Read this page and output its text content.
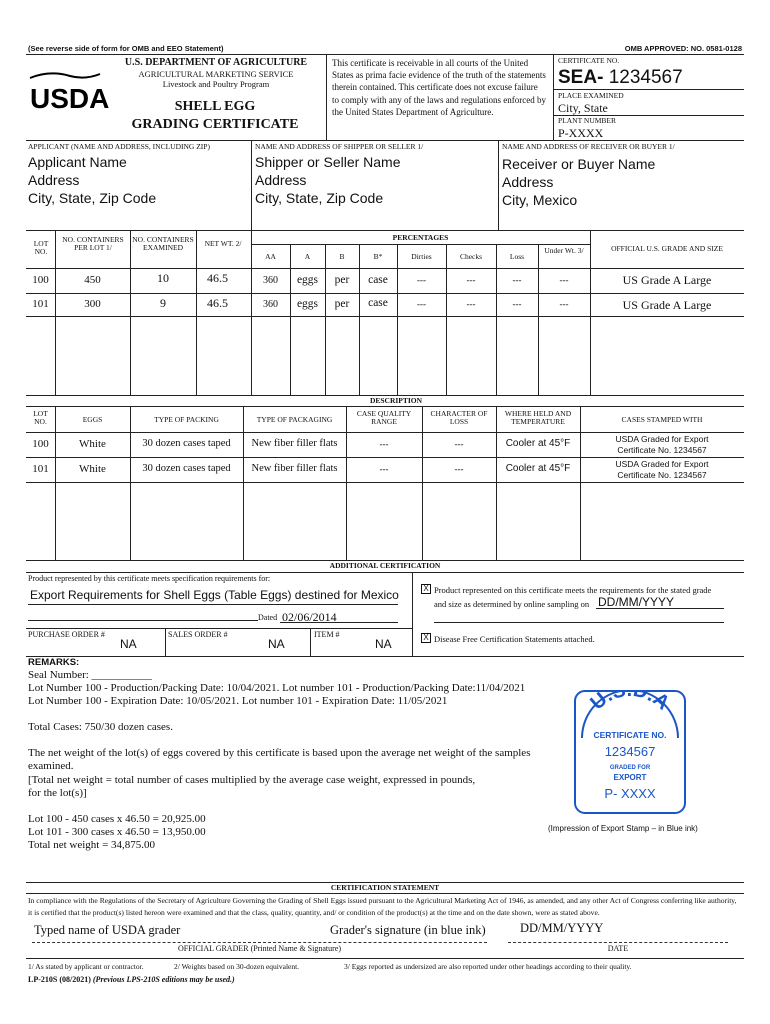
(See reverse side of form for OMB and EEO Statement)	OMB APPROVED: NO. 0581-0128
USDA
U.S. DEPARTMENT OF AGRICULTURE
AGRICULTURAL MARKETING SERVICE
Livestock and Poultry Program
SHELL EGG
GRADING CERTIFICATE
This certificate is receivable in all courts of the United States as prima facie evidence of the truth of the statements therein contained. This certificate does not excuse failure to comply with any of the laws and regulations enforced by the United States Department of Agriculture.
CERTIFICATE NO.
SEA- 1234567
PLACE EXAMINED
City, State
PLANT NUMBER
P-XXXX
APPLICANT (NAME AND ADDRESS, INCLUDING ZIP)
Applicant Name
Address
City, State, Zip Code
NAME AND ADDRESS OF SHIPPER OR SELLER 1/
Shipper or Seller Name
Address
City, State, Zip Code
NAME AND ADDRESS OF RECEIVER OR BUYER 1/
Receiver or Buyer Name
Address
City, Mexico
LOT NO.
NO. CONTAINERS PER LOT 1/
NO. CONTAINERS EXAMINED	NET WT. 2/
PERCENTAGES
AA	A	B	B*	Dirties	Checks	Loss
Under Wt. 3/	OFFICIAL U.S. GRADE AND SIZE
100	450	10	46.5	360	eggs	per	case	---	---	---	---	US Grade A Large
101	300	9	46.5	360	eggs	per	case	---	---	---	---	US Grade A Large
DESCRIPTION
LOT NO.	EGGS	TYPE OF PACKING	TYPE OF PACKAGING
CASE QUALITY RANGE
CHARACTER OF LOSS
WHERE HELD AND TEMPERATURE	CASES STAMPED WITH
100	White	30 dozen cases taped	New fiber filler flats	---	---	Cooler at 45°F	USDA Graded for Export
Certificate No. 1234567
101	White	30 dozen cases taped	New fiber filler flats	---	---	Cooler at 45°F	USDA Graded for Export
Certificate No. 1234567
ADDITIONAL CERTIFICATION
Product represented by this certificate meets specification requirements for:
Export Requirements for Shell Eggs (Table Eggs) destined for Mexico
Dated 02/06/2014
X Product represented on this certificate meets the requirements for the stated grade
and size as determined by online sampling on DD/MM/YYYY
X Disease Free Certification Statements attached.
PURCHASE ORDER #
NA
SALES ORDER #
NA
ITEM #
NA
REMARKS:
Seal Number: ___________
Lot Number 100 - Production/Packing Date: 10/04/2021. Lot number 101 - Production/Packing Date:11/04/2021
Lot Number 100 - Expiration Date: 10/05/2021. Lot number 101 - Expiration Date: 11/05/2021
Total Cases: 750/30 dozen cases.
The net weight of the lot(s) of eggs covered by this certificate is based upon the average net weight of the samples
examined.
[Total net weight = total number of cases multiplied by the average case weight, expressed in pounds,
for the lot(s)]
Lot 100 - 450 cases x 46.50 = 20,925.00
Lot 101 - 300 cases x 46.50 = 13,950.00
Total net weight = 34,875.00
U.S.D.A
CERTIFICATE NO.
1234567
GRADED FOR
EXPORT
P- XXXX
(Impression of Export Stamp – in Blue ink)
CERTIFICATION STATEMENT
In compliance with the Regulations of the Secretary of Agriculture Governing the Grading of Shell Eggs issued pursuant to the Agricultural Marketing Act of 1946, as amended, and any other Act of Congress conferring like authority, it is certified that the product(s) listed hereon were examined and that the class, quality, quantity, and/ or condition of the product(s) at the time and on the date shown, were as stated above.
Typed name of USDA grader	Grader's signature (in blue ink)	DD/MM/YYYY
OFFICIAL GRADER (Printed Name & Signature)	DATE
1/ As stated by applicant or contractor.	2/ Weights based on 30-dozen equivalent.	3/ Eggs reported as undersized are also reported under other headings according to their quality.
LP-210S (08/2021) (Previous LPS-210S editions may be used.)
